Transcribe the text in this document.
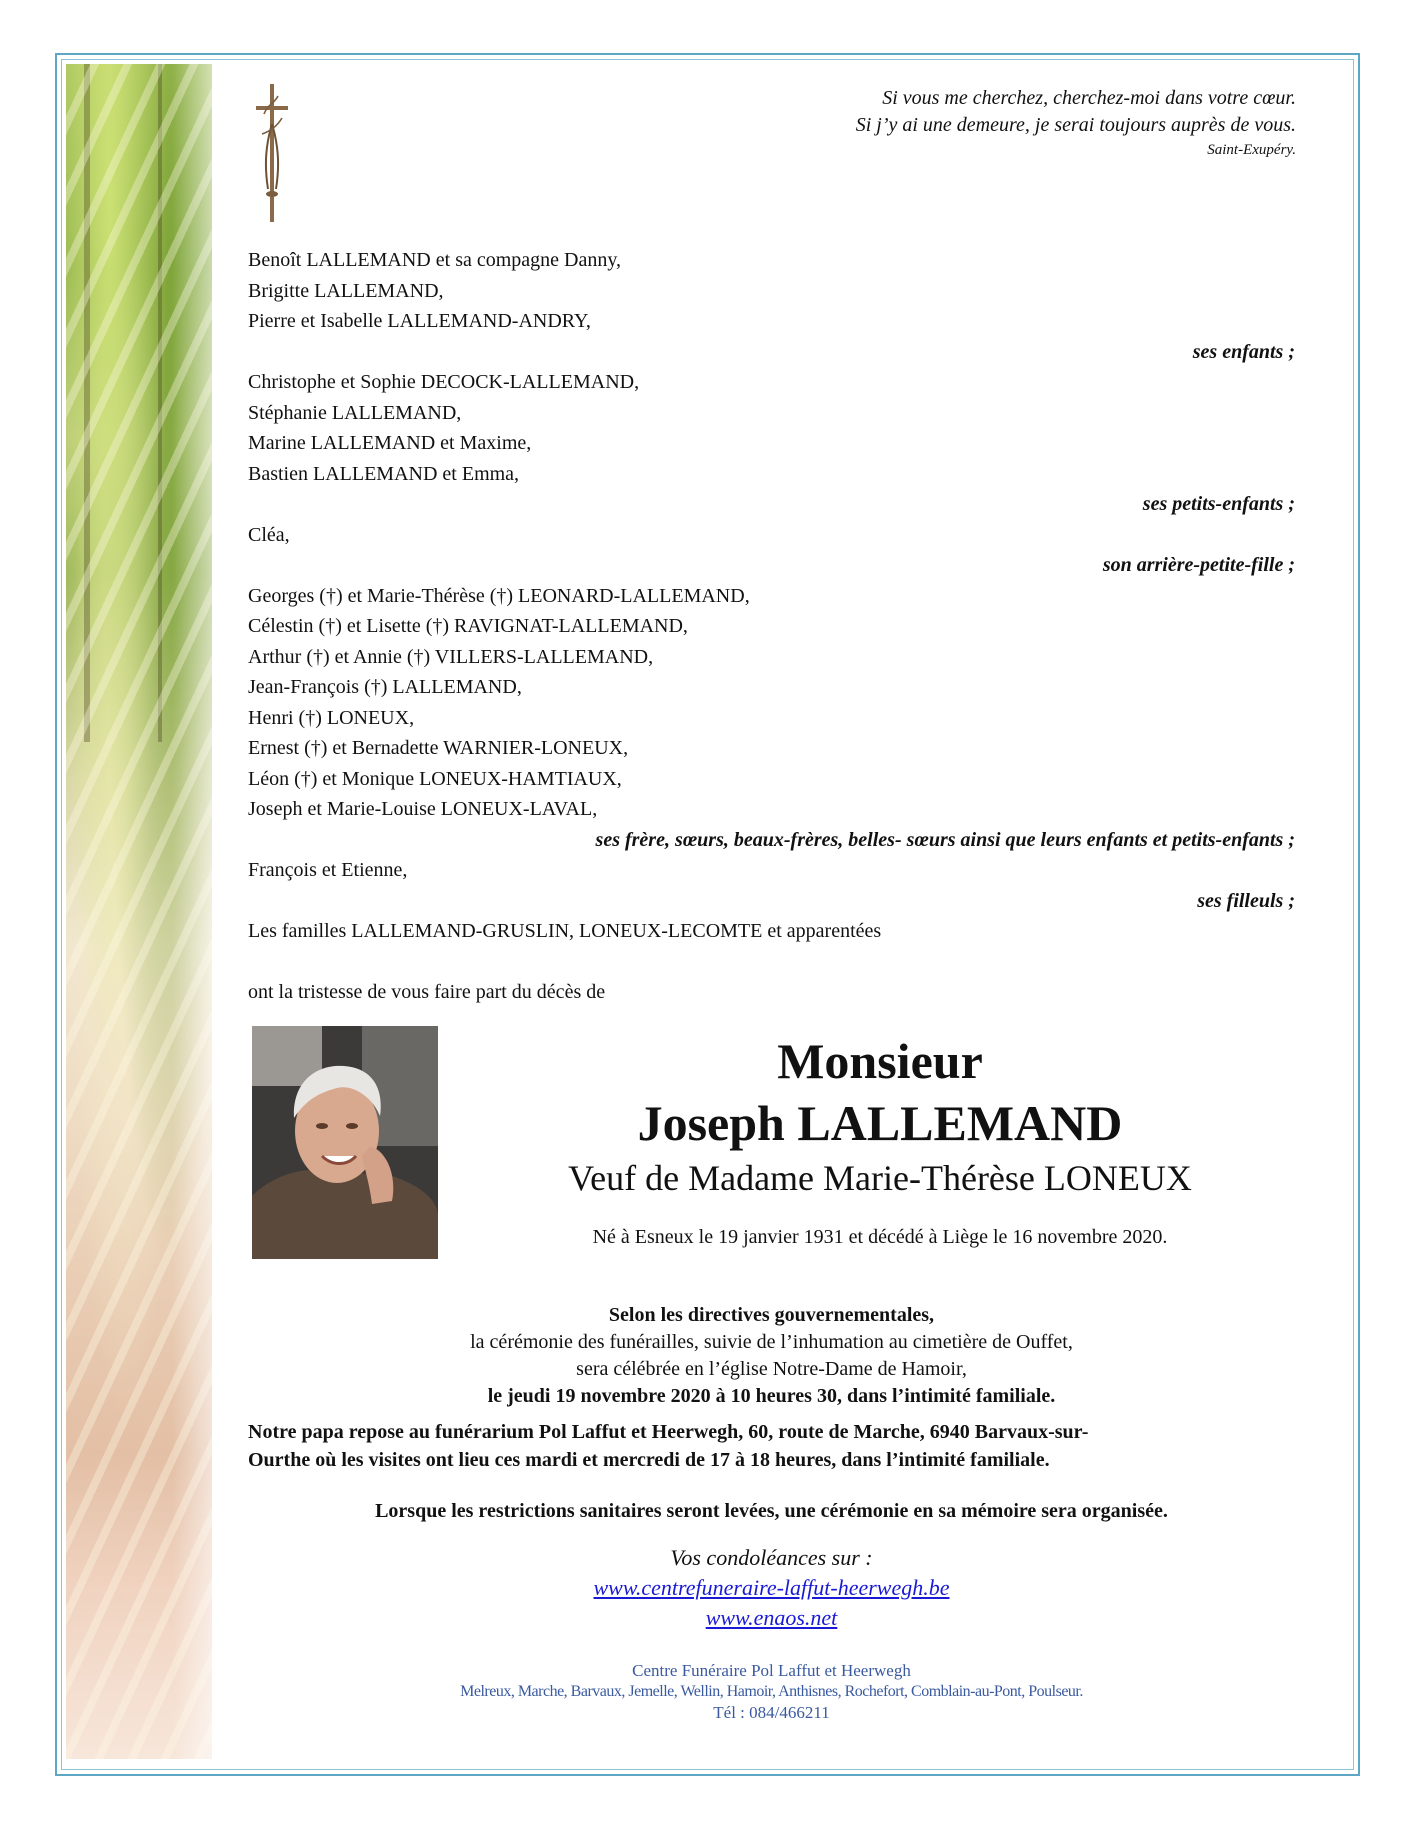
Si vous me cherchez, cherchez-moi dans votre cœur.
Si j’y ai une demeure, je serai toujours auprès de vous.
Saint-Exupéry.
Benoît LALLEMAND et sa compagne Danny,
Brigitte LALLEMAND,
Pierre et Isabelle LALLEMAND-ANDRY,
ses enfants ;
Christophe et Sophie DECOCK-LALLEMAND,
Stéphanie LALLEMAND,
Marine LALLEMAND et Maxime,
Bastien LALLEMAND et Emma,
ses petits-enfants ;
Cléa,
son arrière-petite-fille ;
Georges (†) et Marie-Thérèse (†) LEONARD-LALLEMAND,
Célestin (†) et Lisette (†) RAVIGNAT-LALLEMAND,
Arthur (†) et Annie (†) VILLERS-LALLEMAND,
Jean-François (†) LALLEMAND,
Henri (†) LONEUX,
Ernest (†) et Bernadette WARNIER-LONEUX,
Léon (†) et Monique LONEUX-HAMTIAUX,
Joseph et Marie-Louise LONEUX-LAVAL,
ses frère, sœurs, beaux-frères, belles- sœurs ainsi que leurs enfants et petits-enfants ;
François et Etienne,
ses filleuls ;
Les familles LALLEMAND-GRUSLIN, LONEUX-LECOMTE et apparentées
ont la tristesse de vous faire part du décès de
Monsieur
Joseph LALLEMAND
Veuf de Madame Marie-Thérèse LONEUX
Né à Esneux le 19 janvier 1931 et décédé à Liège le 16 novembre 2020.
Selon les directives gouvernementales,
la cérémonie des funérailles, suivie de l’inhumation au cimetière de Ouffet,
sera célébrée en l’église Notre-Dame de Hamoir,
le jeudi 19 novembre 2020 à 10 heures 30, dans l’intimité familiale.
Notre papa repose au funérarium Pol Laffut et Heerwegh, 60, route de Marche, 6940 Barvaux-sur-
Ourthe où les visites ont lieu ces mardi et mercredi de 17 à 18 heures, dans l’intimité familiale.
Lorsque les restrictions sanitaires seront levées, une cérémonie en sa mémoire sera organisée.
Vos condoléances sur :
www.centrefuneraire-laffut-heerwegh.be
www.enaos.net
Centre Funéraire Pol Laffut et Heerwegh
Melreux, Marche, Barvaux, Jemelle, Wellin, Hamoir, Anthisnes, Rochefort, Comblain-au-Pont, Poulseur.
Tél : 084/466211
